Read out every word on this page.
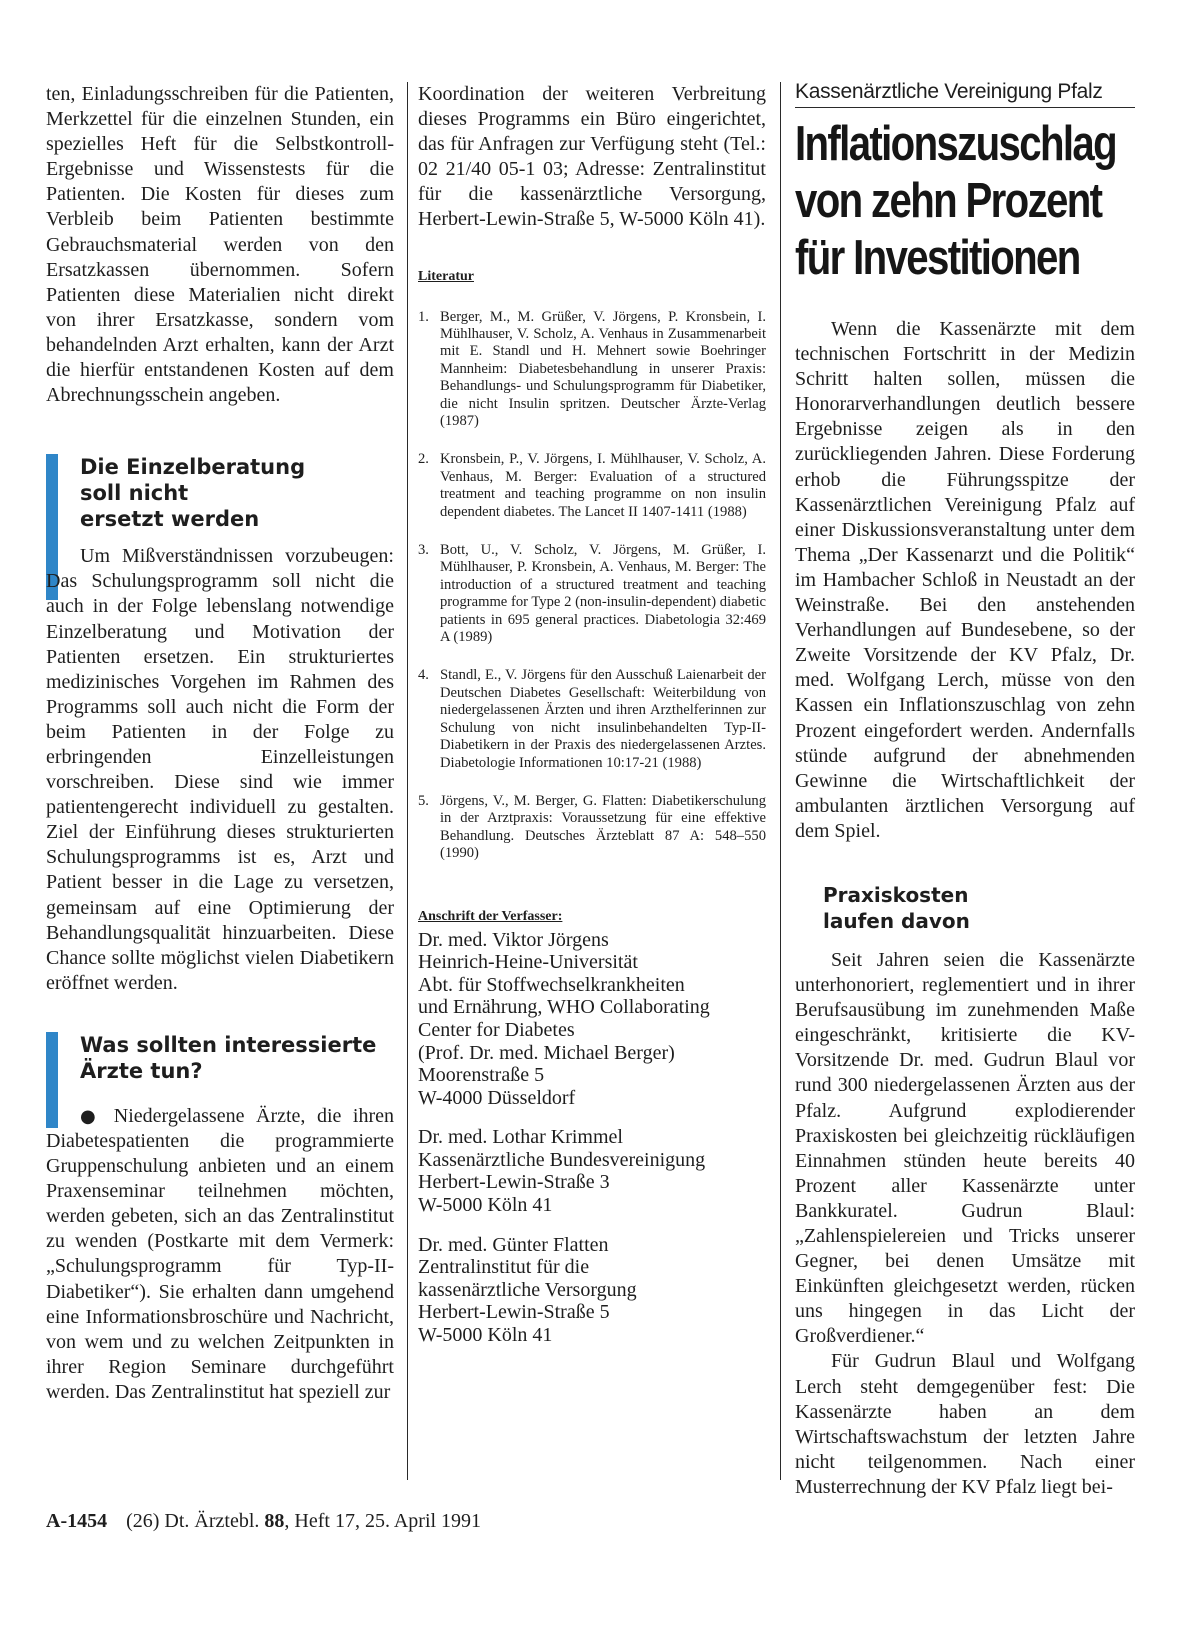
ten, Einladungsschreiben für die Patienten, Merkzettel für die einzelnen Stunden, ein spezielles Heft für die Selbstkontroll-Ergebnisse und Wissenstests für die Patienten. Die Kosten für dieses zum Verbleib beim Patienten bestimmte Gebrauchsmaterial werden von den Ersatzkassen übernommen. Sofern Patienten diese Materialien nicht direkt von ihrer Ersatzkasse, sondern vom behandelnden Arzt erhalten, kann der Arzt die hierfür entstandenen Kosten auf dem Abrechnungsschein angeben.

Die Einzelberatung
soll nicht
ersetzt werden

Um Mißverständnissen vorzubeugen: Das Schulungsprogramm soll nicht die auch in der Folge lebenslang notwendige Einzelberatung und Motivation der Patienten ersetzen. Ein strukturiertes medizinisches Vorgehen im Rahmen des Programms soll auch nicht die Form der beim Patienten in der Folge zu erbringenden Einzelleistungen vorschreiben. Diese sind wie immer patientengerecht individuell zu gestalten. Ziel der Einführung dieses strukturierten Schulungsprogramms ist es, Arzt und Patient besser in die Lage zu versetzen, gemeinsam auf eine Optimierung der Behandlungsqualität hinzuarbeiten. Diese Chance sollte möglichst vielen Diabetikern eröffnet werden.

Was sollten interessierte
Ärzte tun?

● Niedergelassene Ärzte, die ihren Diabetespatienten die programmierte Gruppenschulung anbieten und an einem Praxenseminar teilnehmen möchten, werden gebeten, sich an das Zentralinstitut zu wenden (Postkarte mit dem Vermerk: „Schulungsprogramm für Typ-II-Diabetiker“). Sie erhalten dann umgehend eine Informationsbroschüre und Nachricht, von wem und zu welchen Zeitpunkten in ihrer Region Seminare durchgeführt werden. Das Zentralinstitut hat speziell zur

Koordination der weiteren Verbreitung dieses Programms ein Büro eingerichtet, das für Anfragen zur Verfügung steht (Tel.: 02 21/40 05-1 03; Adresse: Zentralinstitut für die kassenärztliche Versorgung, Herbert-Lewin-Straße 5, W-5000 Köln 41).

Literatur
1. Berger, M., M. Grüßer, V. Jörgens, P. Kronsbein, I. Mühlhauser, V. Scholz, A. Venhaus in Zusammenarbeit mit E. Standl und H. Mehnert sowie Boehringer Mannheim: Diabetesbehandlung in unserer Praxis: Behandlungs- und Schulungsprogramm für Diabetiker, die nicht Insulin spritzen. Deutscher Ärzte-Verlag (1987)
2. Kronsbein, P., V. Jörgens, I. Mühlhauser, V. Scholz, A. Venhaus, M. Berger: Evaluation of a structured treatment and teaching programme on non insulin dependent diabetes. The Lancet II 1407-1411 (1988)
3. Bott, U., V. Scholz, V. Jörgens, M. Grüßer, I. Mühlhauser, P. Kronsbein, A. Venhaus, M. Berger: The introduction of a structured treatment and teaching programme for Type 2 (non-insulin-dependent) diabetic patients in 695 general practices. Diabetologia 32:469 A (1989)
4. Standl, E., V. Jörgens für den Ausschuß Laienarbeit der Deutschen Diabetes Gesellschaft: Weiterbildung von niedergelassenen Ärzten und ihren Arzthelferinnen zur Schulung von nicht insulinbehandelten Typ-II-Diabetikern in der Praxis des niedergelassenen Arztes. Diabetologie Informationen 10:17-21 (1988)
5. Jörgens, V., M. Berger, G. Flatten: Diabetikerschulung in der Arztpraxis: Voraussetzung für eine effektive Behandlung. Deutsches Ärzteblatt 87 A: 548–550 (1990)
Anschrift der Verfasser:
Dr. med. Viktor Jörgens
Heinrich-Heine-Universität
Abt. für Stoffwechselkrankheiten
und Ernährung, WHO Collaborating
Center for Diabetes
(Prof. Dr. med. Michael Berger)
Moorenstraße 5
W-4000 Düsseldorf
Dr. med. Lothar Krimmel
Kassenärztliche Bundesvereinigung
Herbert-Lewin-Straße 3
W-5000 Köln 41
Dr. med. Günter Flatten
Zentralinstitut für die
kassenärztliche Versorgung
Herbert-Lewin-Straße 5
W-5000 Köln 41
Kassenärztliche Vereinigung Pfalz
Inflationszuschlag
von zehn Prozent
für Investitionen

Wenn die Kassenärzte mit dem technischen Fortschritt in der Medizin Schritt halten sollen, müssen die Honorarverhandlungen deutlich bessere Ergebnisse zeigen als in den zurückliegenden Jahren. Diese Forderung erhob die Führungsspitze der Kassenärztlichen Vereinigung Pfalz auf einer Diskussionsveranstaltung unter dem Thema „Der Kassenarzt und die Politik“ im Hambacher Schloß in Neustadt an der Weinstraße. Bei den anstehenden Verhandlungen auf Bundesebene, so der Zweite Vorsitzende der KV Pfalz, Dr. med. Wolfgang Lerch, müsse von den Kassen ein Inflationszuschlag von zehn Prozent eingefordert werden. Andernfalls stünde aufgrund der abnehmenden Gewinne die Wirtschaftlichkeit der ambulanten ärztlichen Versorgung auf dem Spiel.

Praxiskosten
laufen davon

Seit Jahren seien die Kassenärzte unterhonoriert, reglementiert und in ihrer Berufsausübung im zunehmenden Maße eingeschränkt, kritisierte die KV-Vorsitzende Dr. med. Gudrun Blaul vor rund 300 niedergelassenen Ärzten aus der Pfalz. Aufgrund explodierender Praxiskosten bei gleichzeitig rückläufigen Einnahmen stünden heute bereits 40 Prozent aller Kassenärzte unter Bankkuratel. Gudrun Blaul: „Zahlenspielereien und Tricks unserer Gegner, bei denen Umsätze mit Einkünften gleichgesetzt werden, rücken uns hingegen in das Licht der Großverdiener.“

Für Gudrun Blaul und Wolfgang Lerch steht demgegenüber fest: Die Kassenärzte haben an dem Wirtschaftswachstum der letzten Jahre nicht teilgenommen. Nach einer Musterrechnung der KV Pfalz liegt bei-

A-1454 (26) Dt. Ärztebl. 88, Heft 17, 25. April 1991
